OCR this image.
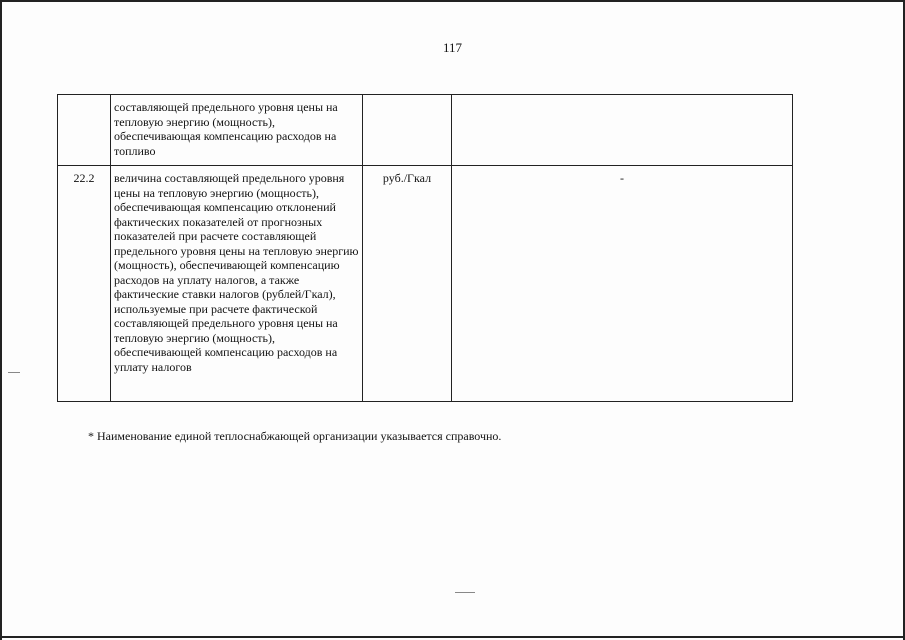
117
	составляющей предельного уровня цены на тепловую энергию (мощность), обеспечивающая компенсацию расходов на топливо		
22.2	величина составляющей предельного уровня цены на тепловую энергию (мощность), обеспечивающая компенсацию отклонений фактических показателей от прогнозных показателей при расчете составляющей предельного уровня цены на тепловую энергию (мощность), обеспечивающей компенсацию расходов на уплату налогов, а также фактические ставки налогов (рублей/Гкал), используемые при расчете фактической составляющей предельного уровня цены на тепловую энергию (мощность), обеспечивающей компенсацию расходов на уплату налогов	руб./Гкал	-
* Наименование единой теплоснабжающей организации указывается справочно.
